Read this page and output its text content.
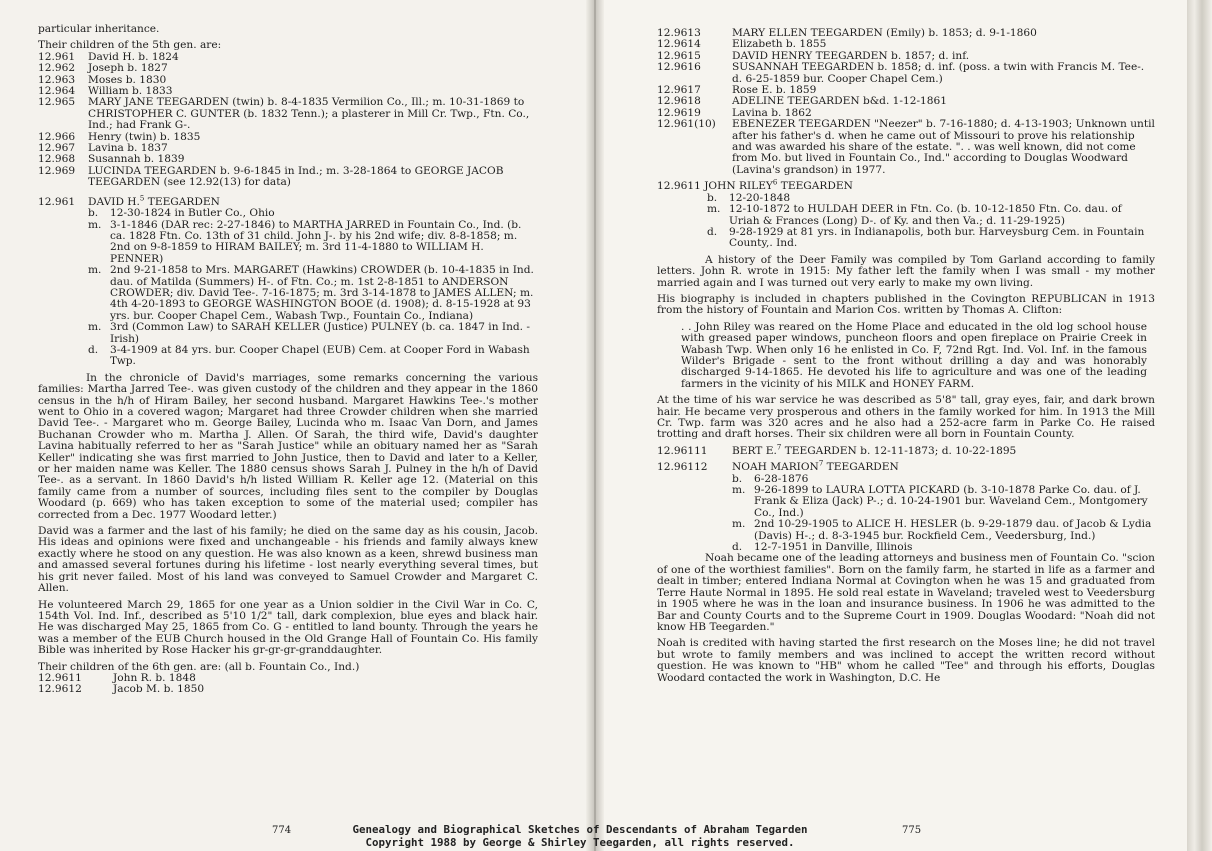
particular inheritance.
Their children of the 5th gen. are:
12.961	David H. b. 1824
12.962	Joseph b. 1827
12.963	Moses b. 1830
12.964	William b. 1833
12.965	MARY JANE TEEGARDEN (twin) b. 8-4-1835 Vermilion Co., Ill.; m. 10-31-1869 to CHRISTOPHER C. GUNTER (b. 1832 Tenn.); a plasterer in Mill Cr. Twp., Ftn. Co., Ind.; had Frank G-.
12.966	Henry (twin) b. 1835
12.967	Lavina b. 1837
12.968	Susannah b. 1839
12.969	LUCINDA TEEGARDEN b. 9-6-1845 in Ind.; m. 3-28-1864 to GEORGE JACOB TEEGARDEN (see 12.92(13) for data)
12.961	DAVID H.$^5$ TEEGARDEN
b.	12-30-1824 in Butler Co., Ohio
m. 3-1-1846 (DAR rec: 2-27-1846) to MARTHA JARRED in Fountain Co., Ind. (b. ca. 1828 Ftn. Co. 13th of 31 child. John J-. by his 2nd wife; div. 8-8-1858; m. 2nd on 9-8-1859 to HIRAM BAILEY; m. 3rd 11-4-1880 to WILLIAM H. PENNER)
m. 2nd 9-21-1858 to Mrs. MARGARET (Hawkins) CROWDER (b. 10-4-1835 in Ind. dau. of Matilda (Summers) H-. of Ftn. Co.; m. 1st 2-8-1851 to ANDERSON CROWDER; div. David Tee-. 7-16-1875; m. 3rd 3-14-1878 to JAMES ALLEN; m. 4th 4-20-1893 to GEORGE WASHINGTON BOOE (d. 1908); d. 8-15-1928 at 93 yrs. bur. Cooper Chapel Cem., Wabash Twp., Fountain Co., Indiana)
m. 3rd (Common Law) to SARAH KELLER (Justice) PULNEY (b. ca. 1847 in Ind. - Irish)
d.	3-4-1909 at 84 yrs. bur. Cooper Chapel (EUB) Cem. at Cooper Ford in Wabash Twp.
In the chronicle of David's marriages, some remarks concerning the various families: Martha Jarred Tee-. was given custody of the children and they appear in the 1860 census in the h/h of Hiram Bailey, her second husband. Margaret Hawkins Tee-.'s mother went to Ohio in a covered wagon; Margaret had three Crowder children when she married David Tee-. - Margaret who m. George Bailey, Lucinda who m. Isaac Van Dorn, and James Buchanan Crowder who m. Martha J. Allen. Of Sarah, the third wife, David's daughter Lavina habitually referred to her as "Sarah Justice" while an obituary named her as "Sarah Keller" indicating she was first married to John Justice, then to David and later to a Keller, or her maiden name was Keller. The 1880 census shows Sarah J. Pulney in the h/h of David Tee-. as a servant. In 1860 David's h/h listed William R. Keller age 12. (Material on this family came from a number of sources, including files sent to the compiler by Douglas Woodard (p. 669) who has taken exception to some of the material used; compiler has corrected from a Dec. 1977 Woodard letter.)
David was a farmer and the last of his family; he died on the same day as his cousin, Jacob. His ideas and opinions were fixed and unchangeable - his friends and family always knew exactly where he stood on any question. He was also known as a keen, shrewd business man and amassed several fortunes during his lifetime - lost nearly everything several times, but his grit never failed. Most of his land was conveyed to Samuel Crowder and Margaret C. Allen.
He volunteered March 29, 1865 for one year as a Union soldier in the Civil War in Co. C, 154th Vol. Ind. Inf., described as 5'10 1/2" tall, dark complexion, blue eyes and black hair. He was discharged May 25, 1865 from Co. G - entitled to land bounty. Through the years he was a member of the EUB Church housed in the Old Grange Hall of Fountain Co. His family Bible was inherited by Rose Hacker his gr-gr-gr-granddaughter.
Their children of the 6th gen. are: (all b. Fountain Co., Ind.)
12.9611	John R. b. 1848
12.9612	Jacob M. b. 1850
12.9613	MARY ELLEN TEEGARDEN (Emily) b. 1853; d. 9-1-1860
12.9614	Elizabeth b. 1855
12.9615	DAVID HENRY TEEGARDEN b. 1857; d. inf.
12.9616	SUSANNAH TEEGARDEN b. 1858; d. inf. (poss. a twin with Francis M. Tee-. d. 6-25-1859 bur. Cooper Chapel Cem.)
12.9617	Rose E. b. 1859
12.9618	ADELINE TEEGARDEN b&d. 1-12-1861
12.9619	Lavina b. 1862
12.961(10)	EBENEZER TEEGARDEN "Neezer" b. 7-16-1880; d. 4-13-1903; Unknown until after his father's d. when he came out of Missouri to prove his relationship and was awarded his share of the estate. ". . was well known, did not come from Mo. but lived in Fountain Co., Ind." according to Douglas Woodward (Lavina's grandson) in 1977.
12.9611 JOHN RILEY$^6$ TEEGARDEN
b.	12-20-1848
m. 12-10-1872 to HULDAH DEER in Ftn. Co. (b. 10-12-1850 Ftn. Co. dau. of Uriah & Frances (Long) D-. of Ky. and then Va.; d. 11-29-1925)
d.	9-28-1929 at 81 yrs. in Indianapolis, both bur. Harveysburg Cem. in Fountain County,. Ind.
A history of the Deer Family was compiled by Tom Garland according to family letters. John R. wrote in 1915: My father left the family when I was small - my mother married again and I was turned out very early to make my own living.
His biography is included in chapters published in the Covington REPUBLICAN in 1913 from the history of Fountain and Marion Cos. written by Thomas A. Clifton:
. . John Riley was reared on the Home Place and educated in the old log school house with greased paper windows, puncheon floors and open fireplace on Prairie Creek in Wabash Twp. When only 16 he enlisted in Co. F, 72nd Rgt. Ind. Vol. Inf. in the famous Wilder's Brigade - sent to the front without drilling a day and was honorably discharged 9-14-1865. He devoted his life to agriculture and was one of the leading farmers in the vicinity of his MILK and HONEY FARM.
At the time of his war service he was described as 5'8" tall, gray eyes, fair, and dark brown hair. He became very prosperous and others in the family worked for him. In 1913 the Mill Cr. Twp. farm was 320 acres and he also had a 252-acre farm in Parke Co. He raised trotting and draft horses. Their six children were all born in Fountain County.
12.96111	BERT E.$^7$ TEEGARDEN b. 12-11-1873; d. 10-22-1895
12.96112	NOAH MARION$^7$ TEEGARDEN
b.	6-28-1876
m. 9-26-1899 to LAURA LOTTA PICKARD (b. 3-10-1878 Parke Co. dau. of J. Frank & Eliza (Jack) P-.; d. 10-24-1901 bur. Waveland Cem., Montgomery Co., Ind.)
m. 2nd 10-29-1905 to ALICE H. HESLER (b. 9-29-1879 dau. of Jacob & Lydia (Davis) H-.; d. 8-3-1945 bur. Rockfield Cem., Veedersburg, Ind.)
d.	12-7-1951 in Danville, Illinois
Noah became one of the leading attorneys and business men of Fountain Co. "scion of one of the worthiest families". Born on the family farm, he started in life as a farmer and dealt in timber; entered Indiana Normal at Covington when he was 15 and graduated from Terre Haute Normal in 1895. He sold real estate in Waveland; traveled west to Veedersburg in 1905 where he was in the loan and insurance business. In 1906 he was admitted to the Bar and County Courts and to the Supreme Court in 1909. Douglas Woodard: "Noah did not know HB Teegarden."
Noah is credited with having started the first research on the Moses line; he did not travel but wrote to family members and was inclined to accept the written record without question. He was known to "HB" whom he called "Tee" and through his efforts, Douglas Woodard contacted the work in Washington, D.C. He
774	775
Genealogy and Biographical Sketches of Descendants of Abraham Tegarden
Copyright 1988 by George & Shirley Teegarden, all rights reserved.
